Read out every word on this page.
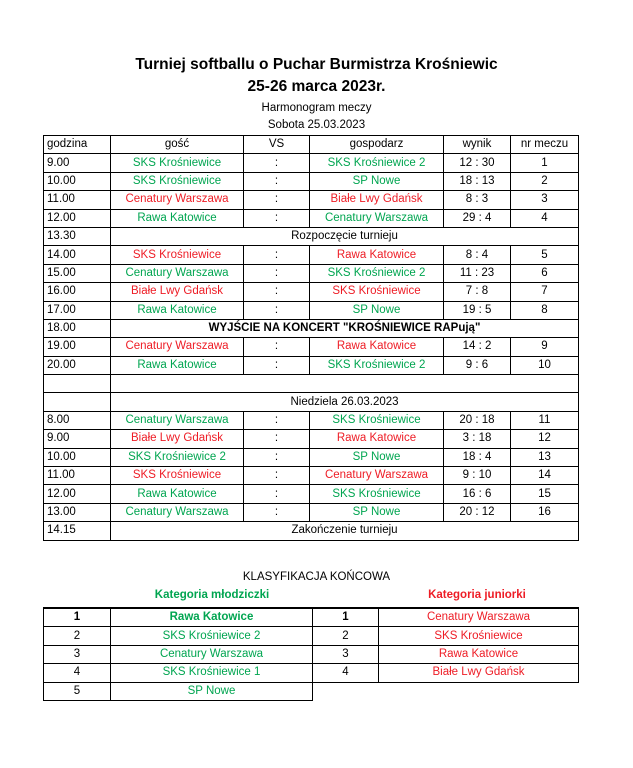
Turniej softballu o Puchar Burmistrza Krośniewic
25-26 marca 2023r.
Harmonogram meczy
Sobota 25.03.2023
godzina	gość	VS	gospodarz	wynik	nr meczu
9.00	SKS Krośniewice	:	SKS Krośniewice 2	12 : 30	1
10.00	SKS Krośniewice	:	SP Nowe	18 : 13	2
11.00	Cenatury Warszawa	:	Białe Lwy Gdańsk	8 : 3	3
12.00	Rawa Katowice	:	Cenatury Warszawa	29 : 4	4
13.30	Rozpoczęcie turnieju				
14.00	SKS Krośniewice	:	Rawa Katowice	8 : 4	5
15.00	Cenatury Warszawa	:	SKS Krośniewice 2	11 : 23	6
16.00	Białe Lwy Gdańsk	:	SKS Krośniewice	7 : 8	7
17.00	Rawa Katowice	:	SP Nowe	19 : 5	8
18.00	WYJŚCIE NA KONCERT "KROŚNIEWICE RAPują"				
19.00	Cenatury Warszawa	:	Rawa Katowice	14 : 2	9
20.00	Rawa Katowice	:	SKS Krośniewice 2	9 : 6	10

	Niedziela 26.03.2023				
8.00	Cenatury Warszawa	:	SKS Krośniewice	20 : 18	11
9.00	Białe Lwy Gdańsk	:	Rawa Katowice	3 : 18	12
10.00	SKS Krośniewice 2	:	SP Nowe	18 : 4	13
11.00	SKS Krośniewice	:	Cenatury Warszawa	9 : 10	14
12.00	Rawa Katowice	:	SKS Krośniewice	16 : 6	15
13.00	Cenatury Warszawa	:	SP Nowe	20 : 12	16
14.15	Zakończenie turnieju				
KLASYFIKACJA KOŃCOWA
Kategoria młodziczki	Kategoria juniorki
1	Rawa Katowice
2	SKS Krośniewice 2
3	Cenatury Warszawa
4	SKS Krośniewice 1
5	SP Nowe
1	Cenatury Warszawa
2	SKS Krośniewice
3	Rawa Katowice
4	Białe Lwy Gdańsk
